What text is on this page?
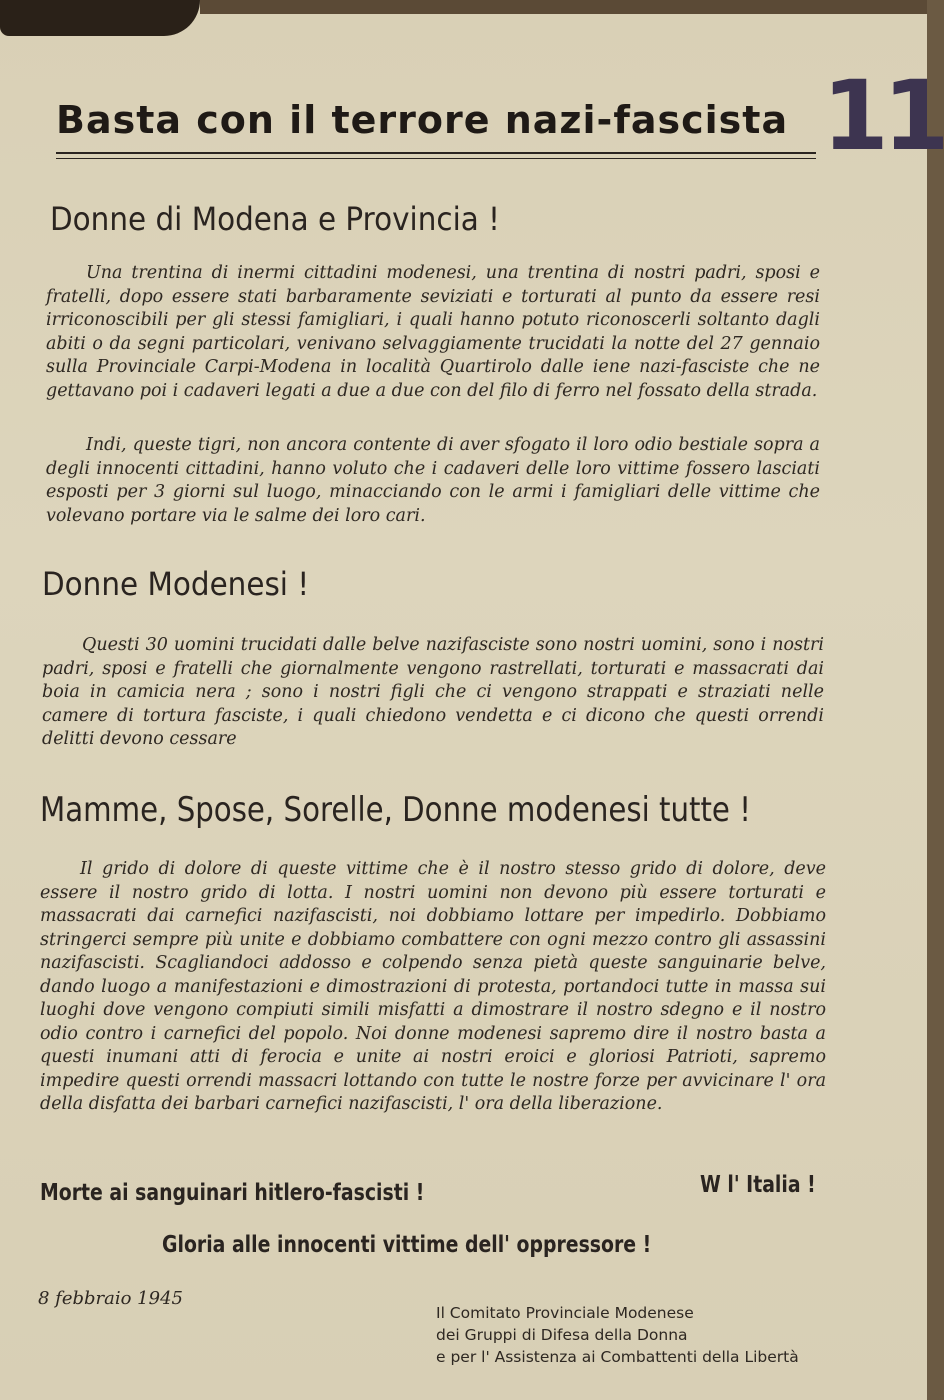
11
Basta con il terrore nazi-fascista
Donne di Modena e Provincia !
Una trentina di inermi cittadini modenesi, una trentina di nostri padri, sposi e fratelli, dopo essere stati barbaramente seviziati e torturati al punto da essere resi irriconoscibili per gli stessi famigliari, i quali hanno potuto riconoscerli soltanto dagli abiti o da segni particolari, venivano selvaggiamente trucidati la notte del 27 gennaio sulla Provinciale Carpi-Modena in località Quartirolo dalle iene nazi-fasciste che ne gettavano poi i cadaveri legati a due a due con del filo di ferro nel fossato della strada.
Indi, queste tigri, non ancora contente di aver sfogato il loro odio bestiale sopra a degli innocenti cittadini, hanno voluto che i cadaveri delle loro vittime fossero lasciati esposti per 3 giorni sul luogo, minacciando con le armi i famigliari delle vittime che volevano portare via le salme dei loro cari.
Donne Modenesi !
Questi 30 uomini trucidati dalle belve nazifasciste sono nostri uomini, sono i nostri padri, sposi e fratelli che giornalmente vengono rastrellati, torturati e massacrati dai boia in camicia nera ; sono i nostri figli che ci vengono strappati e straziati nelle camere di tortura fasciste, i quali chiedono vendetta e ci dicono che questi orrendi delitti devono cessare
Mamme, Spose, Sorelle, Donne modenesi tutte !
Il grido di dolore di queste vittime che è il nostro stesso grido di dolore, deve essere il nostro grido di lotta. I nostri uomini non devono più essere torturati e massacrati dai carnefici nazifascisti, noi dobbiamo lottare per impedirlo. Dobbiamo stringerci sempre più unite e dobbiamo combattere con ogni mezzo contro gli assassini nazifascisti. Scagliandoci addosso e colpendo senza pietà queste sanguinarie belve, dando luogo a manifestazioni e dimostrazioni di protesta, portandoci tutte in massa sui luoghi dove vengono compiuti simili misfatti a dimostrare il nostro sdegno e il nostro odio contro i carnefici del popolo. Noi donne modenesi sapremo dire il nostro basta a questi inumani atti di ferocia e unite ai nostri eroici e gloriosi Patrioti, sapremo impedire questi orrendi massacri lottando con tutte le nostre forze per avvicinare l' ora della disfatta dei barbari carnefici nazifascisti, l' ora della liberazione.
Morte ai sanguinari hitlero-fascisti !	W l' Italia !
Gloria alle innocenti vittime dell' oppressore !
8 febbraio 1945
Il Comitato Provinciale Modenese
dei Gruppi di Difesa della Donna
e per l' Assistenza ai Combattenti della Libertà
